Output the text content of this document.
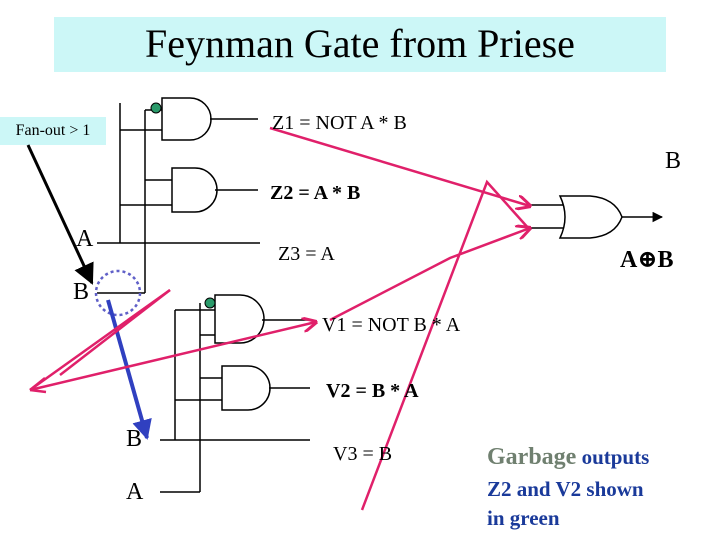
Feynman Gate from Priese
Fan-out > 1	Z1 = NOT A * B
B
Z2 = A * B
A
Z3 = A	A⊕B
B
V1 = NOT B * A
V2 = B * A
B
V3 = B
A
Garbage outputs
Z2 and V2 shown
in green
